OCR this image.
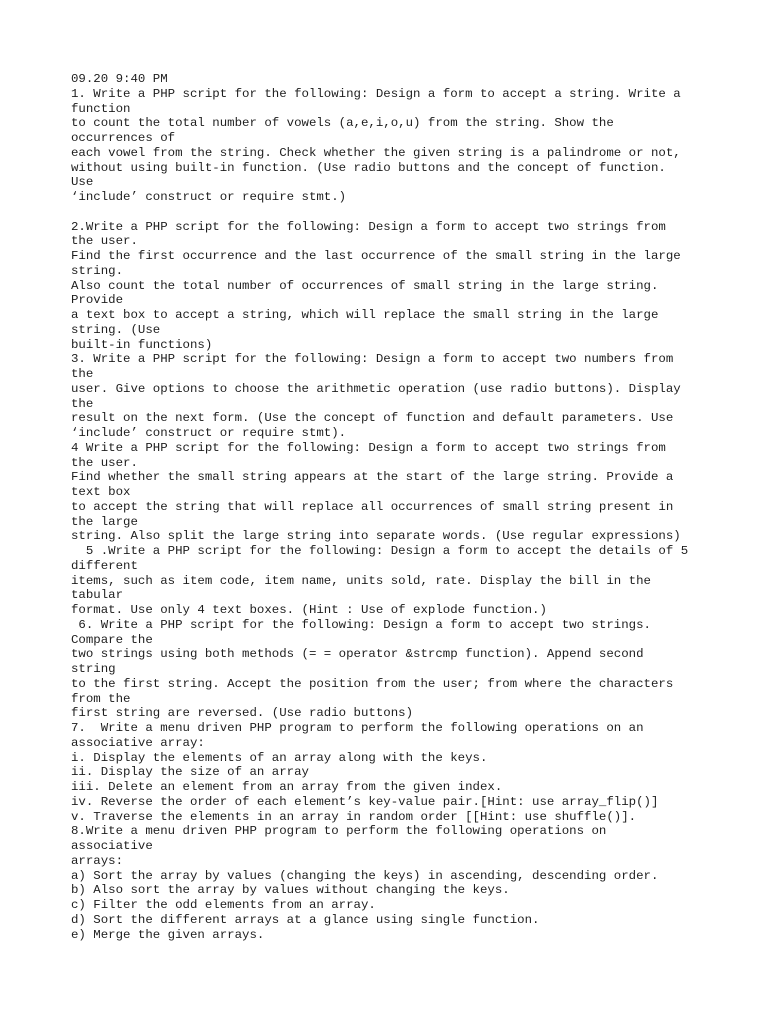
09.20 9:40 PM
1. Write a PHP script for the following: Design a form to accept a string. Write a
function
to count the total number of vowels (a,e,i,o,u) from the string. Show the
occurrences of
each vowel from the string. Check whether the given string is a palindrome or not,
without using built-in function. (Use radio buttons and the concept of function.
Use
‘include’ construct or require stmt.)
2.Write a PHP script for the following: Design a form to accept two strings from
the user.
Find the first occurrence and the last occurrence of the small string in the large
string.
Also count the total number of occurrences of small string in the large string.
Provide
a text box to accept a string, which will replace the small string in the large
string. (Use
built-in functions)
3. Write a PHP script for the following: Design a form to accept two numbers from
the
user. Give options to choose the arithmetic operation (use radio buttons). Display
the
result on the next form. (Use the concept of function and default parameters. Use
‘include’ construct or require stmt).
4 Write a PHP script for the following: Design a form to accept two strings from
the user.
Find whether the small string appears at the start of the large string. Provide a
text box
to accept the string that will replace all occurrences of small string present in
the large
string. Also split the large string into separate words. (Use regular expressions)
5 .Write a PHP script for the following: Design a form to accept the details of 5
different
items, such as item code, item name, units sold, rate. Display the bill in the
tabular
format. Use only 4 text boxes. (Hint : Use of explode function.)
6. Write a PHP script for the following: Design a form to accept two strings.
Compare the
two strings using both methods (= = operator &strcmp function). Append second
string
to the first string. Accept the position from the user; from where the characters
from the
first string are reversed. (Use radio buttons)
7.  Write a menu driven PHP program to perform the following operations on an
associative array:
i. Display the elements of an array along with the keys.
ii. Display the size of an array
iii. Delete an element from an array from the given index.
iv. Reverse the order of each element’s key-value pair.[Hint: use array_flip()]
v. Traverse the elements in an array in random order [[Hint: use shuffle()].
8.Write a menu driven PHP program to perform the following operations on
associative
arrays:
a) Sort the array by values (changing the keys) in ascending, descending order.
b) Also sort the array by values without changing the keys.
c) Filter the odd elements from an array.
d) Sort the different arrays at a glance using single function.
e) Merge the given arrays.
